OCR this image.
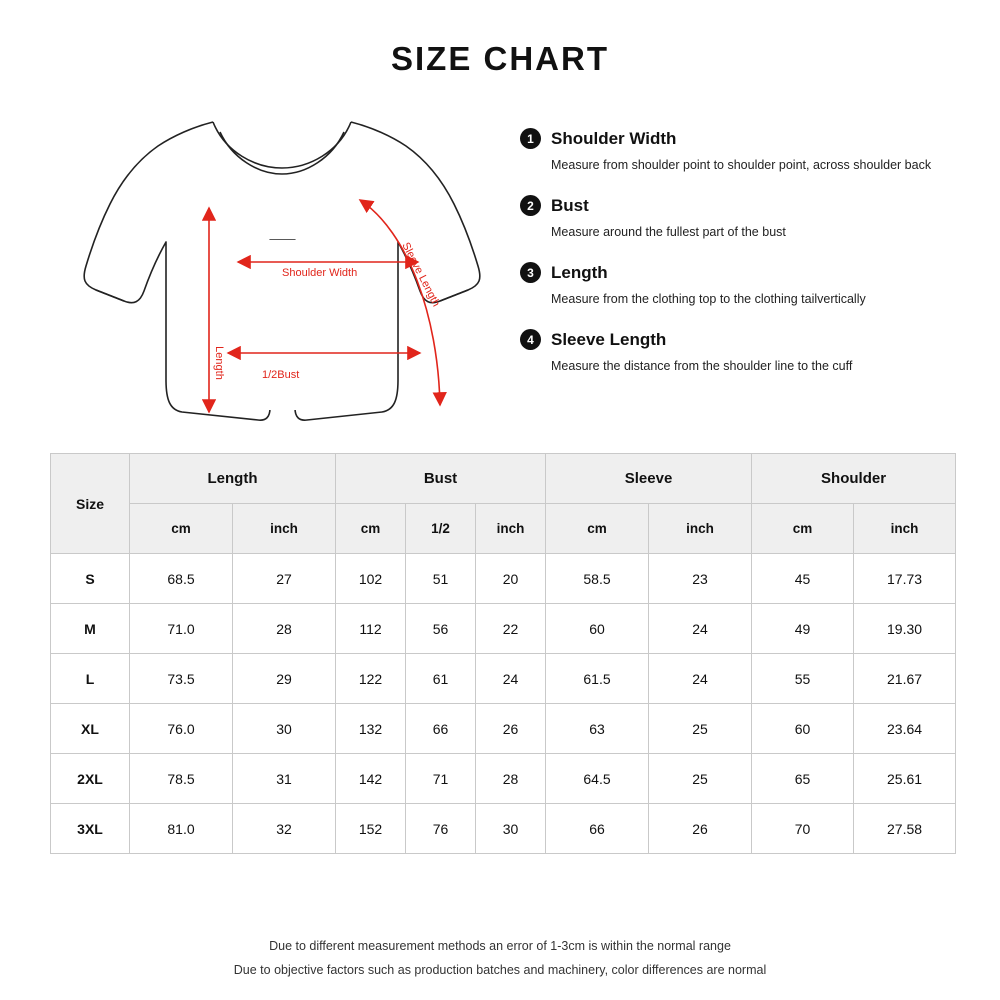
SIZE CHART
Shoulder Width
1/2Bust
Length
Sleeve Length
1	Shoulder Width
Measure from shoulder point to shoulder point, across shoulder back
2	Bust
Measure around the fullest part of the bust
3	Length
Measure from the clothing top to the clothing tailvertically
4	Sleeve Length
Measure the distance from the shoulder line to the cuff
Size	Length		Bust			Sleeve		Shoulder	
	cm	inch	cm	1/2	inch	cm	inch	cm	inch
S	68.5	27	102	51	20	58.5	23	45	17.73
M	71.0	28	112	56	22	60	24	49	19.30
L	73.5	29	122	61	24	61.5	24	55	21.67
XL	76.0	30	132	66	26	63	25	60	23.64
2XL	78.5	31	142	71	28	64.5	25	65	25.61
3XL	81.0	32	152	76	30	66	26	70	27.58
Due to different measurement methods an error of 1-3cm is within the normal range
Due to objective factors such as production batches and machinery, color differences are normal
